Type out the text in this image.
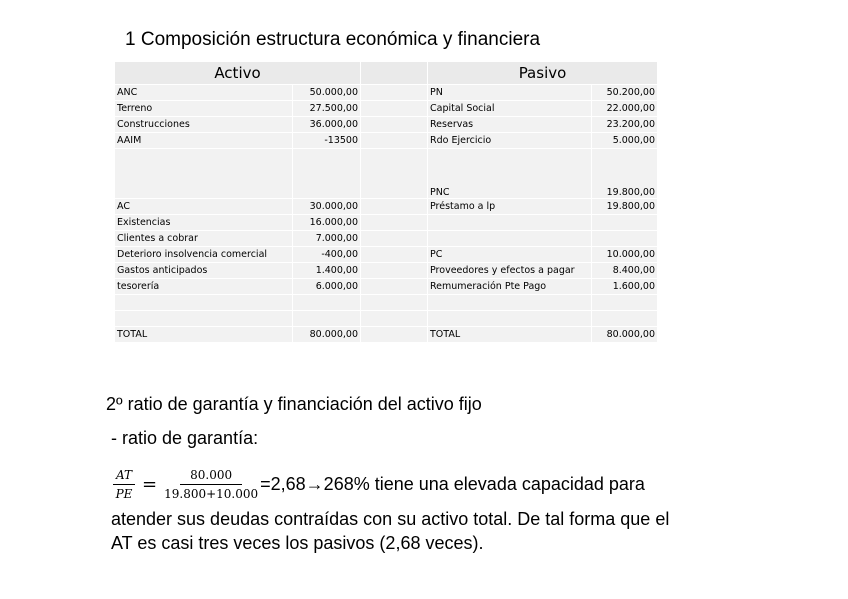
1 Composición estructura económica y financiera
Activo			Pasivo	
ANC	50.000,00		PN	50.200,00
Terreno	27.500,00		Capital Social	22.000,00
Construcciones	36.000,00		Reservas	23.200,00
AAIM	-13500		Rdo Ejercicio	5.000,00
			PNC	19.800,00
AC	30.000,00		Préstamo a lp	19.800,00
Existencias	16.000,00			
Clientes a cobrar	7.000,00			
Deterioro insolvencia comercial	-400,00		PC	10.000,00
Gastos anticipados	1.400,00		Proveedores y efectos a pagar	8.400,00
tesorería	6.000,00		Remumeración Pte Pago	1.600,00

TOTAL	80.000,00		TOTAL	80.000,00
2º ratio de garantía y financiación del activo fijo
- ratio de garantía:
$\frac{AT}{PE} = \frac{80.000}{19.800+10.000} =2,68\to 268\%$ tiene una elevada capacidad para
atender sus deudas contraídas con su activo total. De tal forma que el
AT es casi tres veces los pasivos (2,68 veces).
